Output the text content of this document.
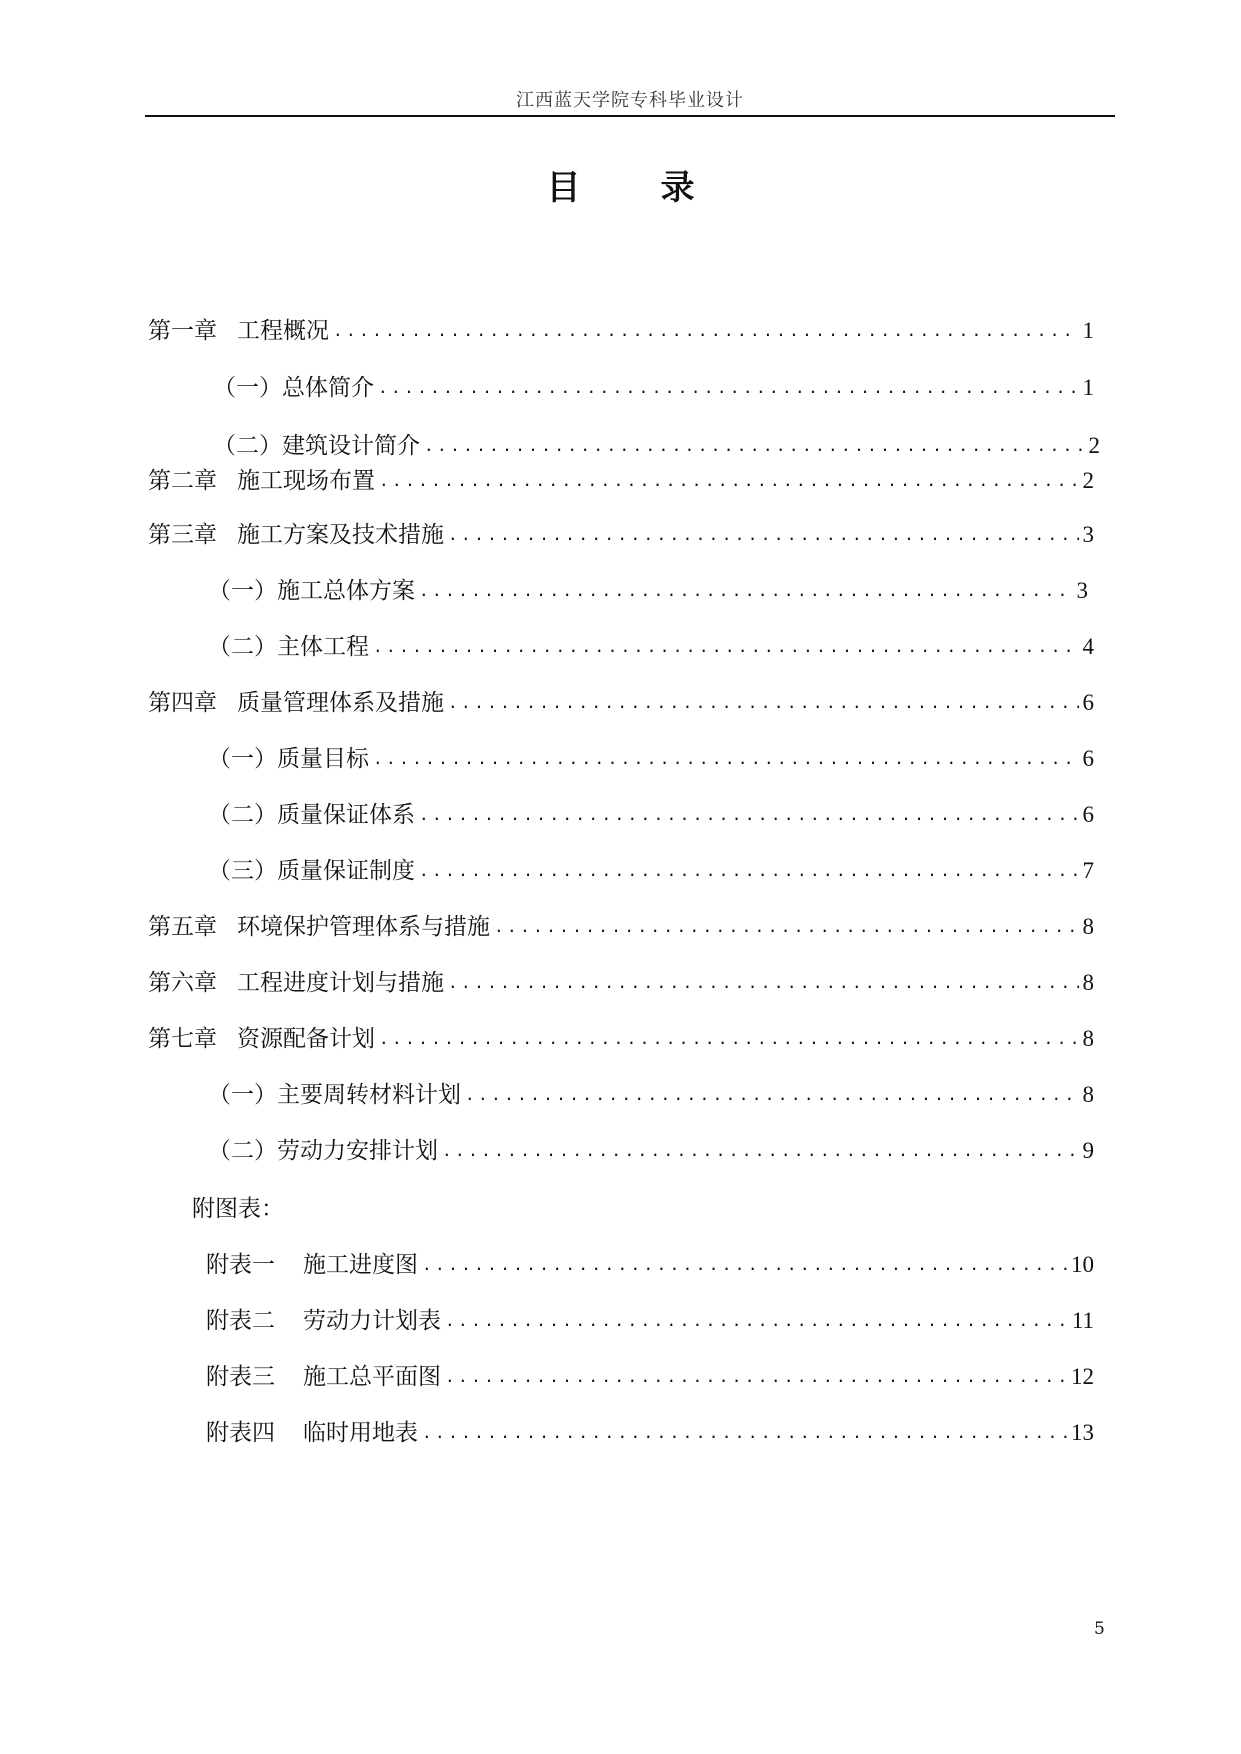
江西蓝天学院专科毕业设计
目 录
第一章 工程概况 .....	1
（一）总体简介 .....	1
（二）建筑设计简介 .....	2
第二章 施工现场布置 .....	2
第三章 施工方案及技术措施 .....	3
（一）施工总体方案 .....	3
（二）主体工程 .....	4
第四章 质量管理体系及措施 .....	6
（一）质量目标 .....	6
（二）质量保证体系 .....	6
（三）质量保证制度 .....	7
第五章 环境保护管理体系与措施 .....	8
第六章 工程进度计划与措施 .....	8
第七章 资源配备计划 .....	8
（一）主要周转材料计划 .....	8
（二）劳动力安排计划 .....	9
附图表：
附表一 施工进度图 .....	10
附表二 劳动力计划表 .....	11
附表三 施工总平面图 .....	12
附表四 临时用地表 .....	13
5
